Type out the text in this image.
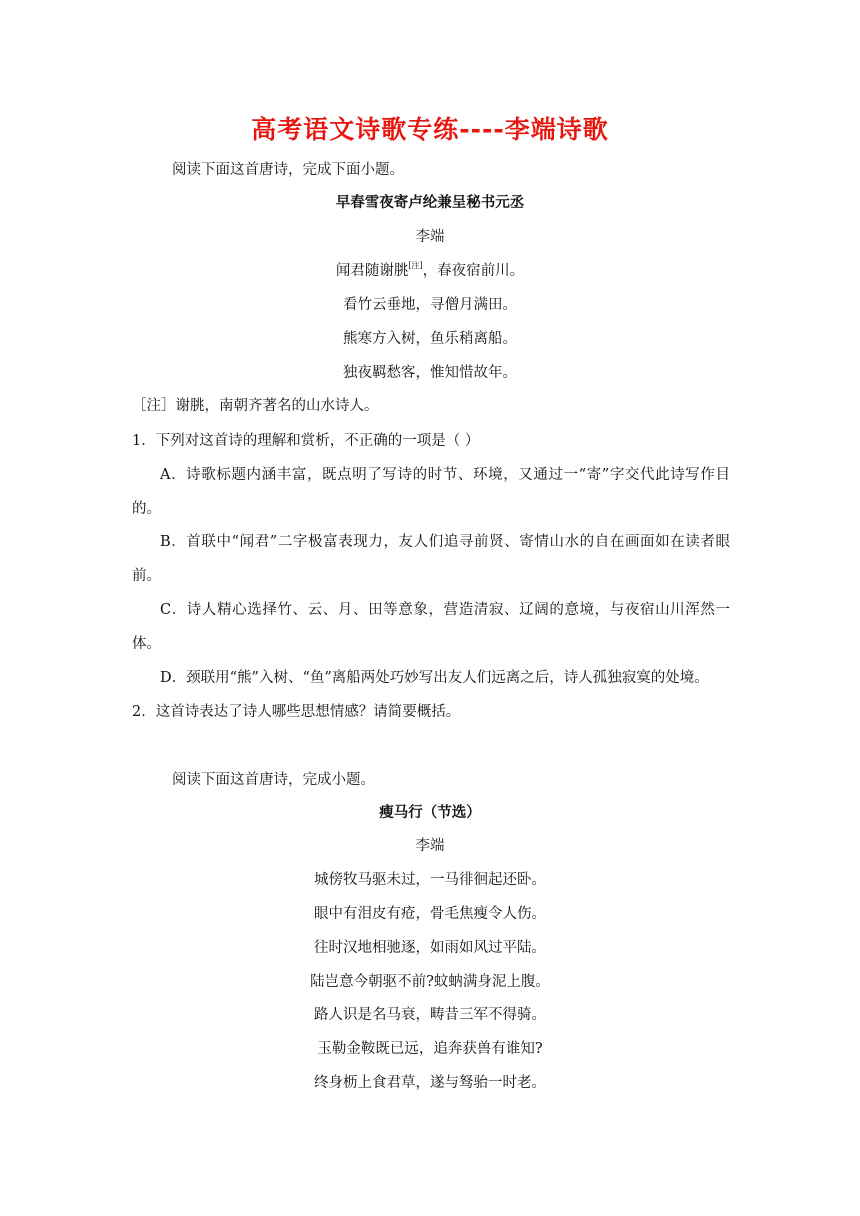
高考语文诗歌专练----李端诗歌
阅读下面这首唐诗，完成下面小题。
早春雪夜寄卢纶兼呈秘书元丞
李端
闻君随谢朓[注]，春夜宿前川。
看竹云垂地，寻僧月满田。
熊寒方入树，鱼乐稍离船。
独夜羁愁客，惟知惜故年。
［注］谢朓，南朝齐著名的山水诗人。
1．下列对这首诗的理解和赏析，不正确的一项是（ ）
A．诗歌标题内涵丰富，既点明了写诗的时节、环境，又通过一“寄”字交代此诗写作目
的。
B．首联中“闻君”二字极富表现力，友人们追寻前贤、寄情山水的自在画面如在读者眼
前。
C．诗人精心选择竹、云、月、田等意象，营造清寂、辽阔的意境，与夜宿山川浑然一
体。
D．颈联用“熊”入树、“鱼”离船两处巧妙写出友人们远离之后，诗人孤独寂寞的处境。
2．这首诗表达了诗人哪些思想情感？请简要概括。
阅读下面这首唐诗，完成小题。
瘦马行（节选）
李端
城傍牧马驱未过，一马徘徊起还卧。
眼中有泪皮有疮，骨毛焦瘦令人伤。
往时汉地相驰逐，如雨如风过平陆。
陆岂意今朝驱不前?蚊蚋满身泥上腹。
路人识是名马衰，畴昔三军不得骑。
玉勒金鞍既已远，追奔获兽有谁知?
终身枥上食君草，遂与驽骀一时老。
